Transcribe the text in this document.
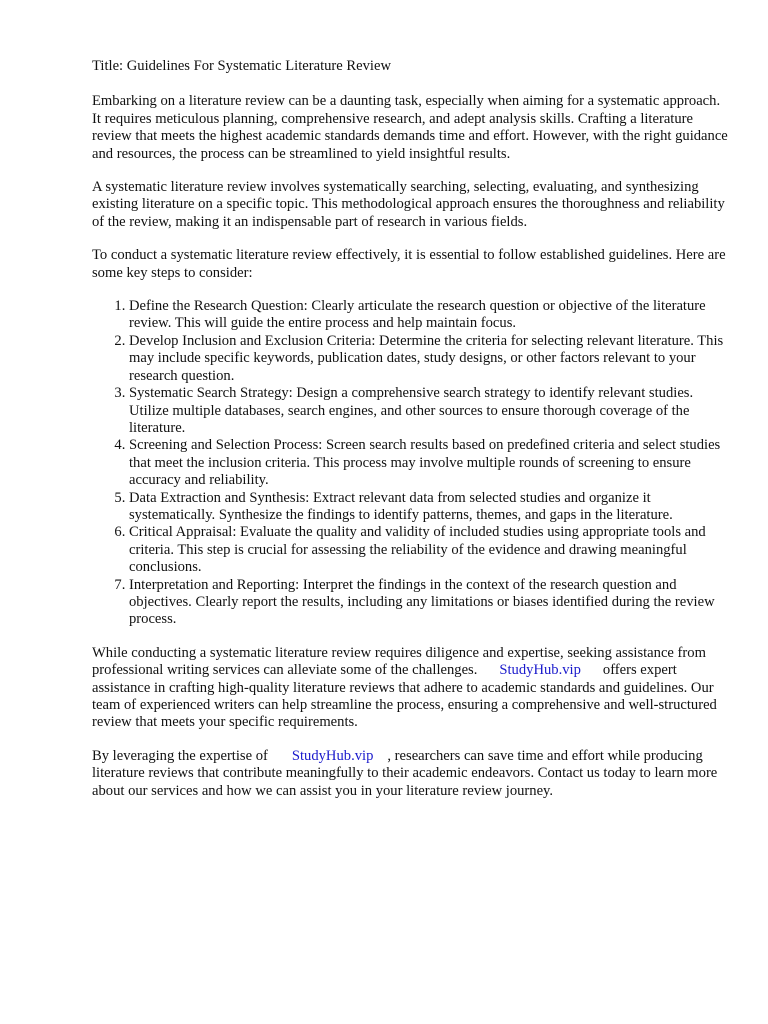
Title: Guidelines For Systematic Literature Review

Embarking on a literature review can be a daunting task, especially when aiming for a systematic approach. It requires meticulous planning, comprehensive research, and adept analysis skills. Crafting a literature review that meets the highest academic standards demands time and effort. However, with the right guidance and resources, the process can be streamlined to yield insightful results.

A systematic literature review involves systematically searching, selecting, evaluating, and synthesizing existing literature on a specific topic. This methodological approach ensures the thoroughness and reliability of the review, making it an indispensable part of research in various fields.

To conduct a systematic literature review effectively, it is essential to follow established guidelines. Here are some key steps to consider:

1. Define the Research Question: Clearly articulate the research question or objective of the literature review. This will guide the entire process and help maintain focus.
2. Develop Inclusion and Exclusion Criteria: Determine the criteria for selecting relevant literature. This may include specific keywords, publication dates, study designs, or other factors relevant to your research question.
3. Systematic Search Strategy: Design a comprehensive search strategy to identify relevant studies. Utilize multiple databases, search engines, and other sources to ensure thorough coverage of the literature.
4. Screening and Selection Process: Screen search results based on predefined criteria and select studies that meet the inclusion criteria. This process may involve multiple rounds of screening to ensure accuracy and reliability.
5. Data Extraction and Synthesis: Extract relevant data from selected studies and organize it systematically. Synthesize the findings to identify patterns, themes, and gaps in the literature.
6. Critical Appraisal: Evaluate the quality and validity of included studies using appropriate tools and criteria. This step is crucial for assessing the reliability of the evidence and drawing meaningful conclusions.
7. Interpretation and Reporting: Interpret the findings in the context of the research question and objectives. Clearly report the results, including any limitations or biases identified during the review process.

While conducting a systematic literature review requires diligence and expertise, seeking assistance from professional writing services can alleviate some of the challenges. StudyHub.vip offers expert assistance in crafting high-quality literature reviews that adhere to academic standards and guidelines. Our team of experienced writers can help streamline the process, ensuring a comprehensive and well-structured review that meets your specific requirements.

By leveraging the expertise of StudyHub.vip , researchers can save time and effort while producing literature reviews that contribute meaningfully to their academic endeavors. Contact us today to learn more about our services and how we can assist you in your literature review journey.
